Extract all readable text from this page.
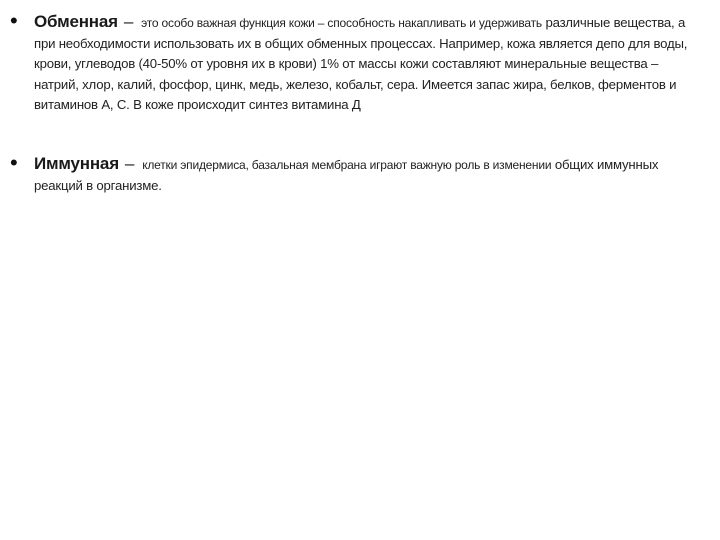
• Обменная – это особо важная функция кожи – способность накапливать и удерживать различные вещества, а при необходимости использовать их в общих обменных процессах. Например, кожа является депо для воды, крови, углеводов (40-50% от уровня их в крови) 1% от массы кожи составляют минеральные вещества – натрий, хлор, калий, фосфор, цинк, медь, железо, кобальт, сера. Имеется запас жира, белков, ферментов и витаминов А, С. В коже происходит синтез витамина Д
• Иммунная – клетки эпидермиса, базальная мембрана играют важную роль в изменении общих иммунных реакций в организме.
